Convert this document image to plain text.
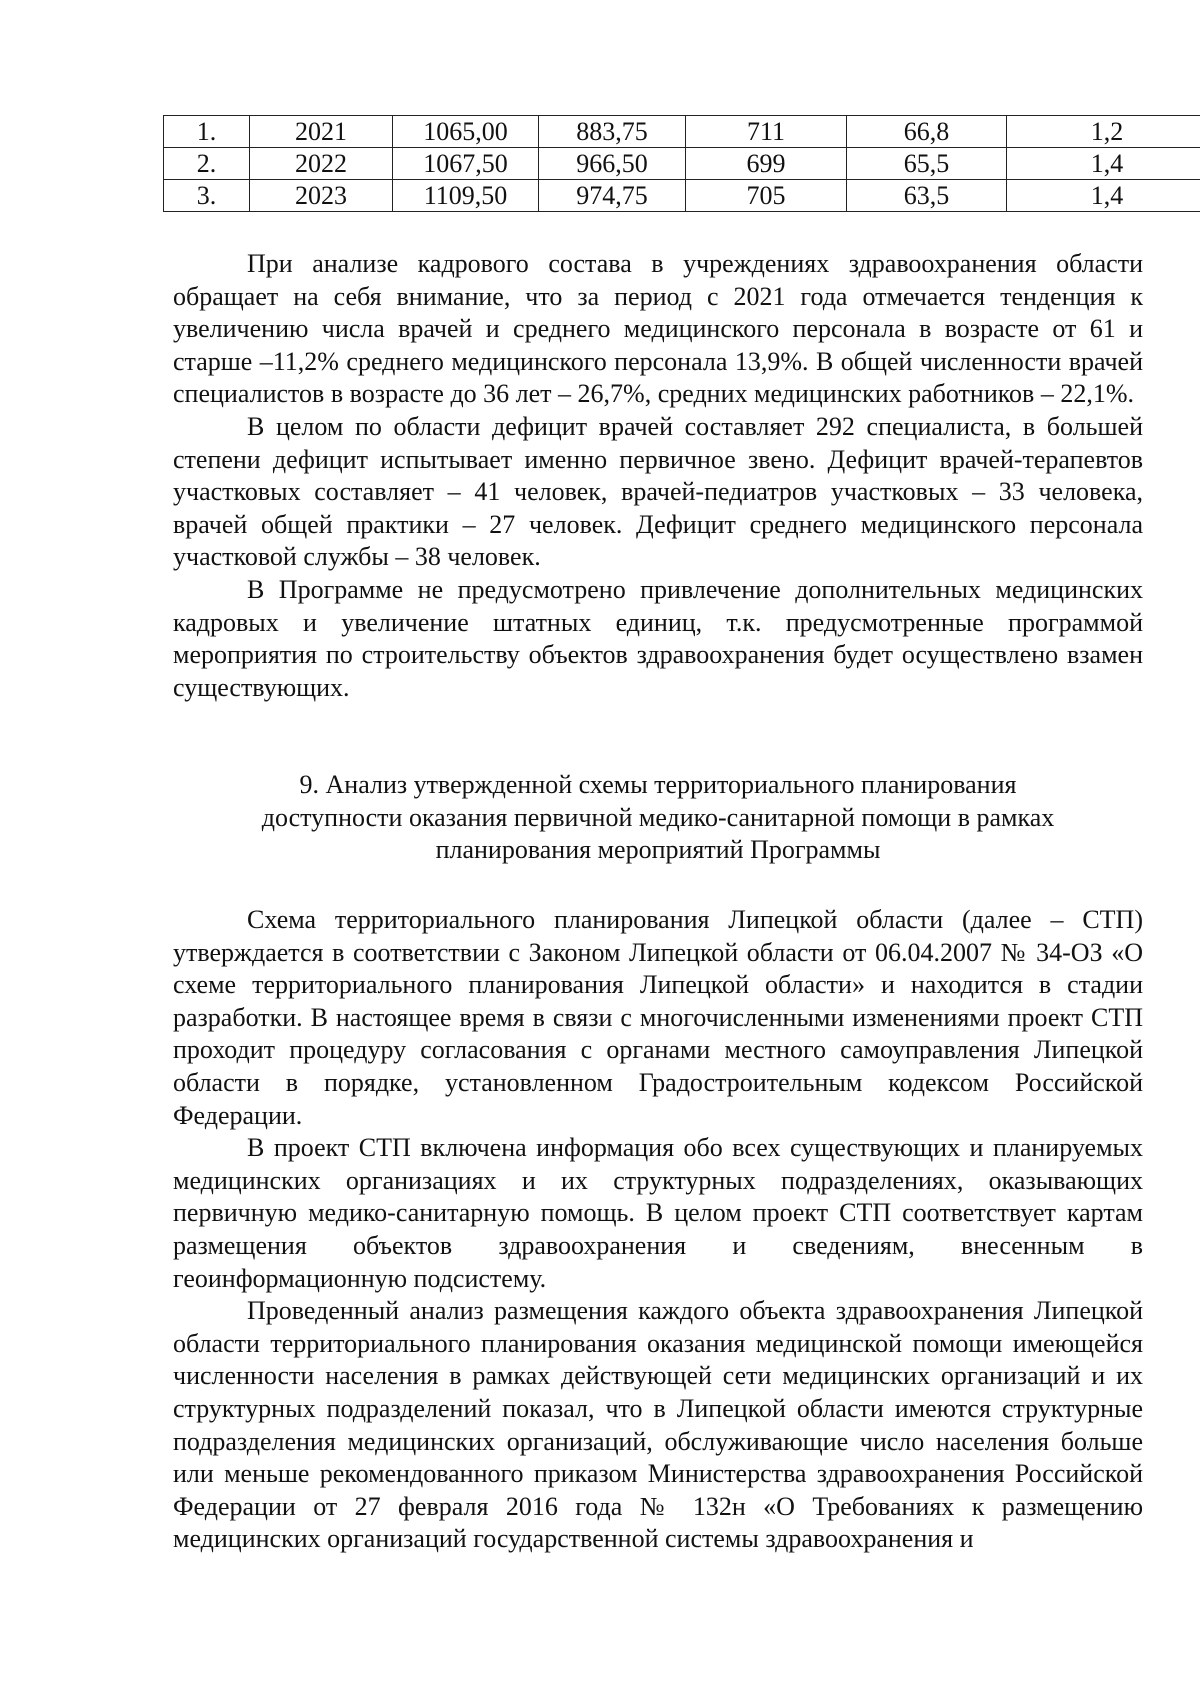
1.	2021	1065,00	883,75	711	66,8	1,2
2.	2022	1067,50	966,50	699	65,5	1,4
3.	2023	1109,50	974,75	705	63,5	1,4

При анализе кадрового состава в учреждениях здравоохранения области обращает на себя внимание, что за период с 2021 года отмечается тенденция к увеличению числа врачей и среднего медицинского персонала в возрасте от 61 и старше –11,2% среднего медицинского персонала 13,9%. В общей численности врачей специалистов в возрасте до 36 лет – 26,7%, средних медицинских работников – 22,1%.

В целом по области дефицит врачей составляет 292 специалиста, в большей степени дефицит испытывает именно первичное звено. Дефицит врачей-терапевтов участковых составляет – 41 человек, врачей-педиатров участковых – 33 человека, врачей общей практики – 27 человек. Дефицит среднего медицинского персонала участковой службы – 38 человек.

В Программе не предусмотрено привлечение дополнительных медицинских кадровых и увеличение штатных единиц, т.к. предусмотренные программой мероприятия по строительству объектов здравоохранения будет осуществлено взамен существующих.

9. Анализ утвержденной схемы территориального планирования
доступности оказания первичной медико-санитарной помощи в рамках
планирования мероприятий Программы

Схема территориального планирования Липецкой области (далее – СТП) утверждается в соответствии с Законом Липецкой области от 06.04.2007 № 34-ОЗ «О схеме территориального планирования Липецкой области» и находится в стадии разработки. В настоящее время в связи с многочисленными изменениями проект СТП проходит процедуру согласования с органами местного самоуправления Липецкой области в порядке, установленном Градостроительным кодексом Российской Федерации.

В проект СТП включена информация обо всех существующих и планируемых медицинских организациях и их структурных подразделениях, оказывающих первичную медико-санитарную помощь. В целом проект СТП соответствует картам размещения объектов здравоохранения и сведениям, внесенным в геоинформационную подсистему.

Проведенный анализ размещения каждого объекта здравоохранения Липецкой области территориального планирования оказания медицинской помощи имеющейся численности населения в рамках действующей сети медицинских организаций и их структурных подразделений показал, что в Липецкой области имеются структурные подразделения медицинских организаций, обслуживающие число населения больше или меньше рекомендованного приказом Министерства здравоохранения Российской Федерации от 27 февраля 2016 года № 132н «О Требованиях к размещению медицинских организаций государственной системы здравоохранения и
